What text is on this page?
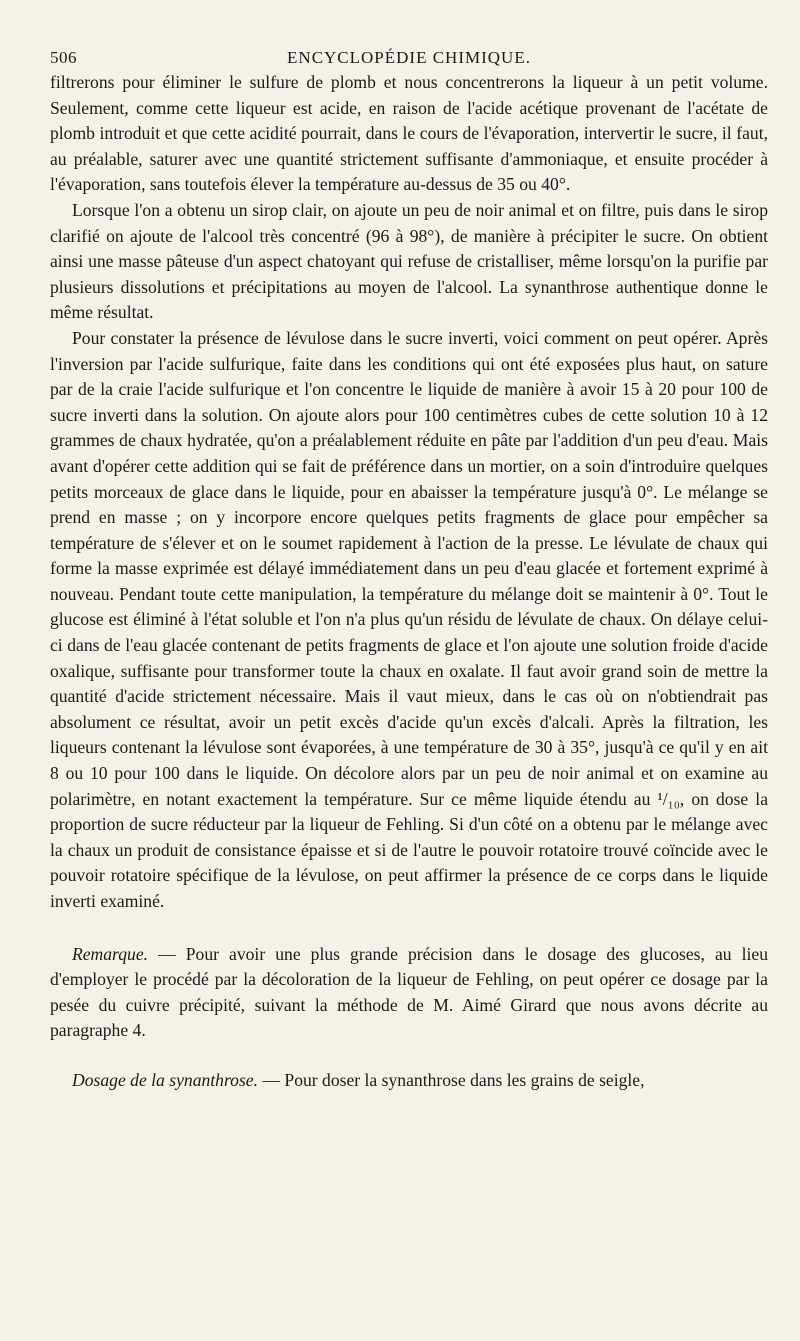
506	ENCYCLOPÉDIE CHIMIQUE.

filtrerons pour éliminer le sulfure de plomb et nous concentrerons la liqueur à un petit volume. Seulement, comme cette liqueur est acide, en raison de l'acide acétique provenant de l'acétate de plomb introduit et que cette acidité pourrait, dans le cours de l'évaporation, intervertir le sucre, il faut, au préalable, saturer avec une quantité strictement suffisante d'ammoniaque, et ensuite procéder à l'évaporation, sans toutefois élever la température au-dessus de 35 ou 40°.

Lorsque l'on a obtenu un sirop clair, on ajoute un peu de noir animal et on filtre, puis dans le sirop clarifié on ajoute de l'alcool très concentré (96 à 98°), de manière à précipiter le sucre. On obtient ainsi une masse pâteuse d'un aspect chatoyant qui refuse de cristalliser, même lorsqu'on la purifie par plusieurs dissolutions et précipitations au moyen de l'alcool. La synanthrose authentique donne le même résultat.

Pour constater la présence de lévulose dans le sucre inverti, voici comment on peut opérer. Après l'inversion par l'acide sulfurique, faite dans les conditions qui ont été exposées plus haut, on sature par de la craie l'acide sulfurique et l'on concentre le liquide de manière à avoir 15 à 20 pour 100 de sucre inverti dans la solution. On ajoute alors pour 100 centimètres cubes de cette solution 10 à 12 grammes de chaux hydratée, qu'on a préalablement réduite en pâte par l'addition d'un peu d'eau. Mais avant d'opérer cette addition qui se fait de préférence dans un mortier, on a soin d'introduire quelques petits morceaux de glace dans le liquide, pour en abaisser la température jusqu'à 0°. Le mélange se prend en masse ; on y incorpore encore quelques petits fragments de glace pour empêcher sa température de s'élever et on le soumet rapidement à l'action de la presse. Le lévulate de chaux qui forme la masse exprimée est délayé immédiatement dans un peu d'eau glacée et fortement exprimé à nouveau. Pendant toute cette manipulation, la température du mélange doit se maintenir à 0°. Tout le glucose est éliminé à l'état soluble et l'on n'a plus qu'un résidu de lévulate de chaux. On délaye celui-ci dans de l'eau glacée contenant de petits fragments de glace et l'on ajoute une solution froide d'acide oxalique, suffisante pour transformer toute la chaux en oxalate. Il faut avoir grand soin de mettre la quantité d'acide strictement nécessaire. Mais il vaut mieux, dans le cas où on n'obtiendrait pas absolument ce résultat, avoir un petit excès d'acide qu'un excès d'alcali. Après la filtration, les liqueurs contenant la lévulose sont évaporées, à une température de 30 à 35°, jusqu'à ce qu'il y en ait 8 ou 10 pour 100 dans le liquide. On décolore alors par un peu de noir animal et on examine au polarimètre, en notant exactement la température. Sur ce même liquide étendu au ¹/₁₀, on dose la proportion de sucre réducteur par la liqueur de Fehling. Si d'un côté on a obtenu par le mélange avec la chaux un produit de consistance épaisse et si de l'autre le pouvoir rotatoire trouvé coïncide avec le pouvoir rotatoire spécifique de la lévulose, on peut affirmer la présence de ce corps dans le liquide inverti examiné.

Remarque. — Pour avoir une plus grande précision dans le dosage des glucoses, au lieu d'employer le procédé par la décoloration de la liqueur de Fehling, on peut opérer ce dosage par la pesée du cuivre précipité, suivant la méthode de M. Aimé Girard que nous avons décrite au paragraphe 4.

Dosage de la synanthrose. — Pour doser la synanthrose dans les grains de seigle,
